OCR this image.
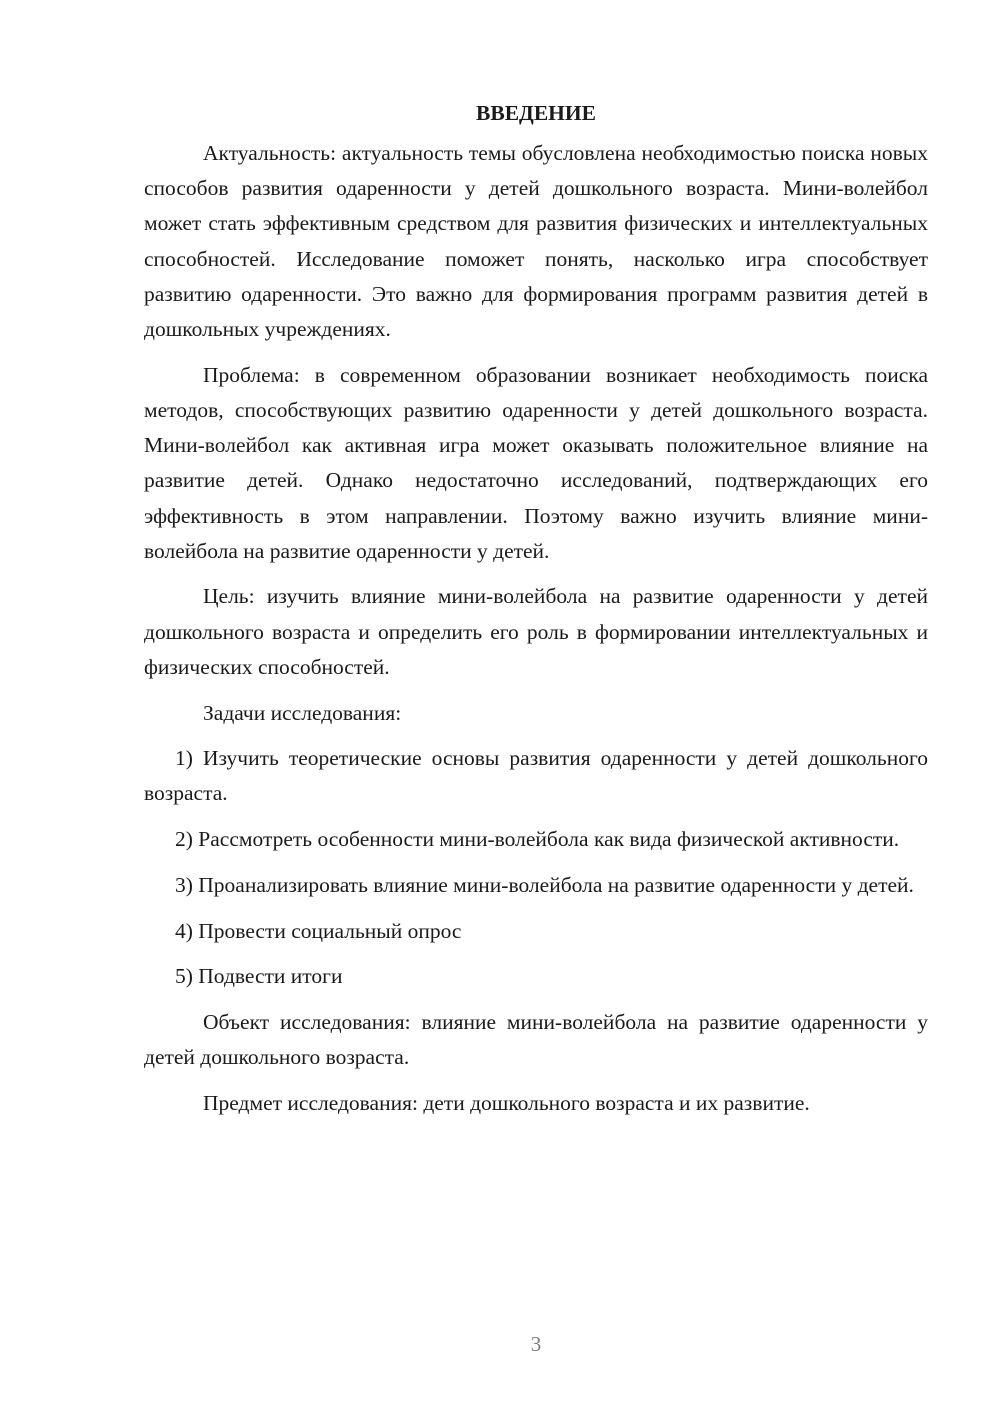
ВВЕДЕНИЕ

Актуальность: актуальность темы обусловлена необходимостью поиска новых способов развития одаренности у детей дошкольного возраста. Мини-волейбол может стать эффективным средством для развития физических и интеллектуальных способностей. Исследование поможет понять, насколько игра способствует развитию одаренности. Это важно для формирования программ развития детей в дошкольных учреждениях.

Проблема: в современном образовании возникает необходимость поиска методов, способствующих развитию одаренности у детей дошкольного возраста. Мини-волейбол как активная игра может оказывать положительное влияние на развитие детей. Однако недостаточно исследований, подтверждающих его эффективность в этом направлении. Поэтому важно изучить влияние мини-волейбола на развитие одаренности у детей.

Цель: изучить влияние мини-волейбола на развитие одаренности у детей дошкольного возраста и определить его роль в формировании интеллектуальных и физических способностей.

Задачи исследования:

1) Изучить теоретические основы развития одаренности у детей дошкольного возраста.

2) Рассмотреть особенности мини-волейбола как вида физической активности.

3) Проанализировать влияние мини-волейбола на развитие одаренности у детей.

4) Провести социальный опрос

5) Подвести итоги

Объект исследования: влияние мини-волейбола на развитие одаренности у детей дошкольного возраста.

Предмет исследования: дети дошкольного возраста и их развитие.

3
